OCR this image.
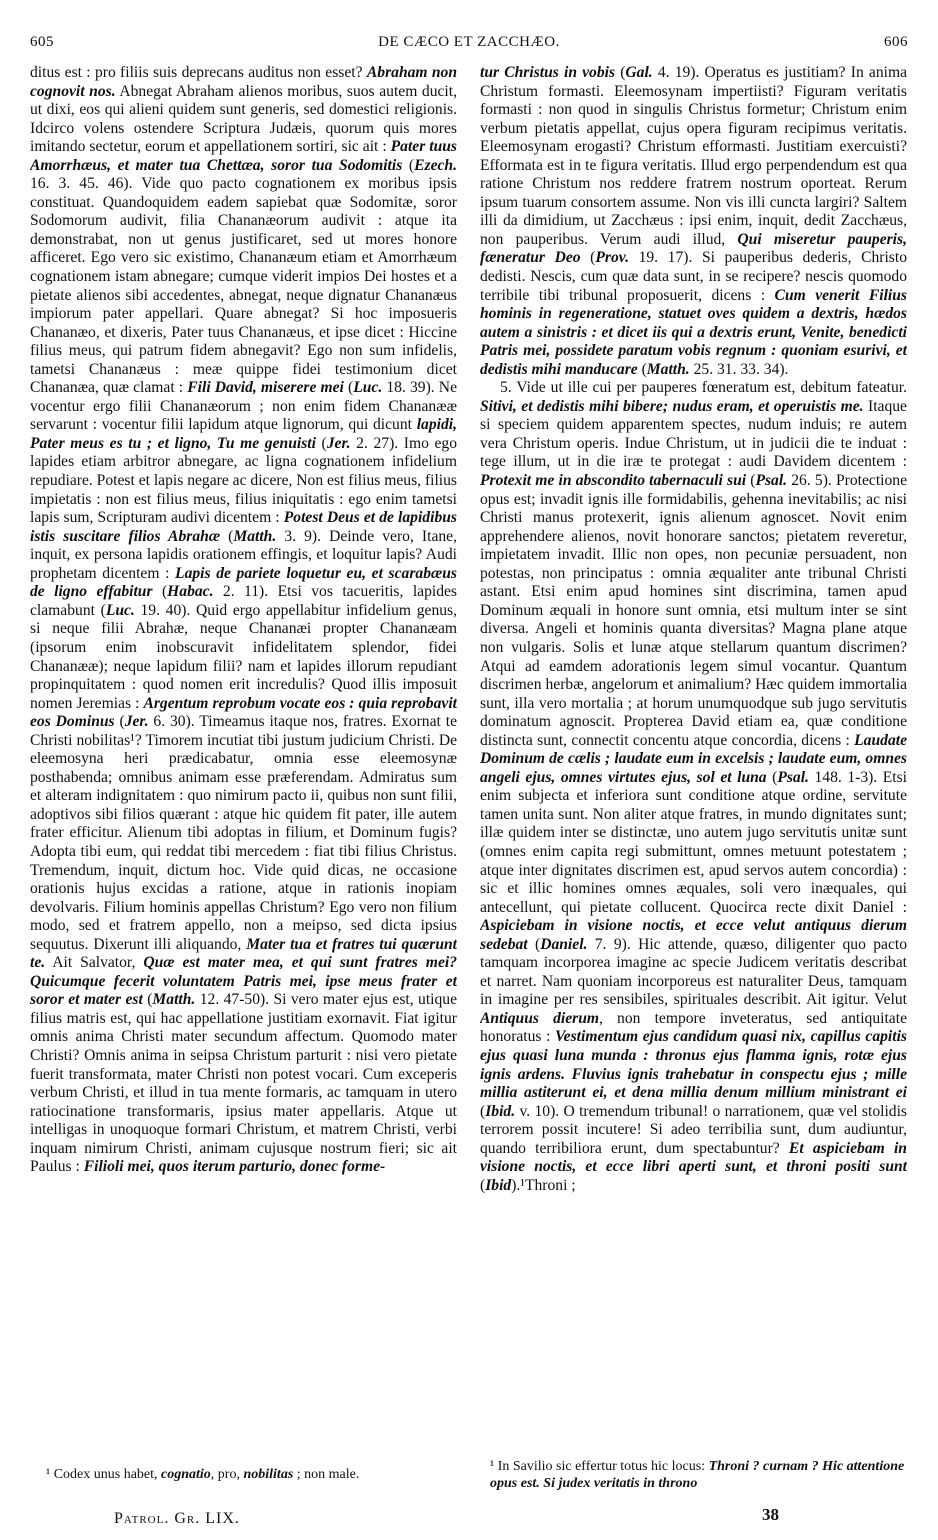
605	DE CÆCO ET ZACCHÆO.	606

ditus est : pro filiis suis deprecans auditus non esset? Abraham non cognovit nos. Abnegat Abraham alienos moribus, suos autem ducit, ut dixi, eos qui alieni quidem sunt generis, sed domestici religionis. Idcirco volens ostendere Scriptura Judæis, quorum quis mores imitando sectetur, eorum et appellationem sortiri, sic ait : Pater tuus Amorrhæus, et mater tua Chettæa, soror tua Sodomitis (Ezech. 16. 3. 45. 46). Vide quo pacto cognationem ex moribus ipsis constituat. Quandoquidem eadem sapiebat quæ Sodomitæ, soror Sodomorum audivit, filia Chananæorum audivit : atque ita demonstrabat, non ut genus justificaret, sed ut mores honore afficeret. Ego vero sic existimo, Chananæum etiam et Amorrhæum cognationem istam abnegare; cumque viderit impios Dei hostes et a pietate alienos sibi accedentes, abnegat, neque dignatur Chananæus impiorum pater appellari. Quare abnegat? Si hoc imposueris Chananæo, et dixeris, Pater tuus Chananæus, et ipse dicet : Hiccine filius meus, qui patrum fidem abnegavit? Ego non sum infidelis, tametsi Chananæus : meæ quippe fidei testimonium dicet Chananæa, quæ clamat : Fili David, miserere mei (Luc. 18. 39). Ne vocentur ergo filii Chananæorum ; non enim fidem Chananææ servarunt : vocentur filii lapidum atque lignorum, qui dicunt lapidi, Pater meus es tu ; et ligno, Tu me genuisti (Jer. 2. 27). Imo ego lapides etiam arbitror abnegare, ac ligna cognationem infidelium repudiare. Potest et lapis negare ac dicere, Non est filius meus, filius impietatis : non est filius meus, filius iniquitatis : ego enim tametsi lapis sum, Scripturam audivi dicentem : Potest Deus et de lapidibus istis suscitare filios Abrahæ (Matth. 3. 9). Deinde vero, Itane, inquit, ex persona lapidis orationem effingis, et loquitur lapis? Audi prophetam dicentem : Lapis de pariete loquetur eu, et scarabæus de ligno effabitur (Habac. 2. 11). Etsi vos tacueritis, lapides clamabunt (Luc. 19. 40). Quid ergo appellabitur infidelium genus, si neque filii Abrahæ, neque Chananæi propter Chananæam (ipsorum enim inobscuravit infidelitatem splendor, fidei Chananææ); neque lapidum filii? nam et lapides illorum repudiant propinquitatem : quod nomen erit incredulis? Quod illis imposuit nomen Jeremias : Argentum reprobum vocate eos : quia reprobavit eos Dominus (Jer. 6. 30). Timeamus itaque nos, fratres. Exornat te Christi nobilitas¹? Timorem incutiat tibi justum judicium Christi. De eleemosyna heri prædicabatur, omnia esse eleemosynæ posthabenda; omnibus animam esse præferendam. Admiratus sum et alteram indignitatem : quo nimirum pacto ii, quibus non sunt filii, adoptivos sibi filios quærant : atque hic quidem fit pater, ille autem frater efficitur. Alienum tibi adoptas in filium, et Dominum fugis? Adopta tibi eum, qui reddat tibi mercedem : fiat tibi filius Christus. Tremendum, inquit, dictum hoc. Vide quid dicas, ne occasione orationis hujus excidas a ratione, atque in rationis inopiam devolvaris. Filium hominis appellas Christum? Ego vero non filium modo, sed et fratrem appello, non a meipso, sed dicta ipsius sequutus. Dixerunt illi aliquando, Mater tua et fratres tui quærunt te. Ait Salvator, Quæ est mater mea, et qui sunt fratres mei? Quicumque fecerit voluntatem Patris mei, ipse meus frater et soror et mater est (Matth. 12. 47-50). Si vero mater ejus est, utique filius matris est, qui hac appellatione justitiam exornavit. Fiat igitur omnis anima Christi mater secundum affectum. Quomodo mater Christi? Omnis anima in seipsa Christum parturit : nisi vero pietate fuerit transformata, mater Christi non potest vocari. Cum exceperis verbum Christi, et illud in tua mente formaris, ac tamquam in utero ratiocinatione transformaris, ipsius mater appellaris. Atque ut intelligas in unoquoque formari Christum, et matrem Christi, verbi inquam nimirum Christi, animam cujusque nostrum fieri; sic ait Paulus : Filioli mei, quos iterum parturio, donec forme-

tur Christus in vobis (Gal. 4. 19). Operatus es justitiam? In anima Christum formasti. Eleemosynam impertiisti? Figuram veritatis formasti : non quod in singulis Christus formetur; Christum enim verbum pietatis appellat, cujus opera figuram recipimus veritatis. Eleemosynam erogasti? Christum efformasti. Justitiam exercuisti? Efformata est in te figura veritatis. Illud ergo perpendendum est qua ratione Christum nos reddere fratrem nostrum oporteat. Rerum ipsum tuarum consortem assume. Non vis illi cuncta largiri? Saltem illi da dimidium, ut Zacchæus : ipsi enim, inquit, dedit Zacchæus, non pauperibus. Verum audi illud, Qui miseretur pauperis, fæneratur Deo (Prov. 19. 17). Si pauperibus dederis, Christo dedisti. Nescis, cum quæ data sunt, in se recipere? nescis quomodo terribile tibi tribunal proposuerit, dicens : Cum venerit Filius hominis in regeneratione, statuet oves quidem a dextris, hædos autem a sinistris : et dicet iis qui a dextris erunt, Venite, benedicti Patris mei, possidete paratum vobis regnum : quoniam esurivi, et dedistis mihi manducare (Matth. 25. 31. 33. 34).

5. Vide ut ille cui per pauperes fœneratum est, debitum fateatur. Sitivi, et dedistis mihi bibere; nudus eram, et operuistis me. Itaque si speciem quidem apparentem spectes, nudum induis; re autem vera Christum operis. Indue Christum, ut in judicii die te induat : tege illum, ut in die iræ te protegat : audi Davidem dicentem : Protexit me in abscondito tabernaculi sui (Psal. 26. 5). Protectione opus est; invadit ignis ille formidabilis, gehenna inevitabilis; ac nisi Christi manus protexerit, ignis alienum agnoscet. Novit enim apprehendere alienos, novit honorare sanctos; pietatem reveretur, impietatem invadit. Illic non opes, non pecuniæ persuadent, non potestas, non principatus : omnia æqualiter ante tribunal Christi astant. Etsi enim apud homines sint discrimina, tamen apud Dominum æquali in honore sunt omnia, etsi multum inter se sint diversa. Angeli et hominis quanta diversitas? Magna plane atque non vulgaris. Solis et lunæ atque stellarum quantum discrimen? Atqui ad eamdem adorationis legem simul vocantur. Quantum discrimen herbæ, angelorum et animalium? Hæc quidem immortalia sunt, illa vero mortalia ; at horum unumquodque sub jugo servitutis dominatum agnoscit. Propterea David etiam ea, quæ conditione distincta sunt, connectit concentu atque concordia, dicens : Laudate Dominum de cælis ; laudate eum in excelsis ; laudate eum, omnes angeli ejus, omnes virtutes ejus, sol et luna (Psal. 148. 1-3). Etsi enim subjecta et inferiora sunt conditione atque ordine, servitute tamen unita sunt. Non aliter atque fratres, in mundo dignitates sunt; illæ quidem inter se distinctæ, uno autem jugo servitutis unitæ sunt (omnes enim capita regi submittunt, omnes metuunt potestatem ; atque inter dignitates discrimen est, apud servos autem concordia) : sic et illic homines omnes æquales, soli vero inæquales, qui antecellunt, qui pietate collucent. Quocirca recte dixit Daniel : Aspiciebam in visione noctis, et ecce velut antiquus dierum sedebat (Daniel. 7. 9). Hic attende, quæso, diligenter quo pacto tamquam incorporea imagine ac specie Judicem veritatis describat et narret. Nam quoniam incorporeus est naturaliter Deus, tamquam in imagine per res sensibiles, spirituales describit. Ait igitur. Velut Antiquus dierum, non tempore inveteratus, sed antiquitate honoratus : Vestimentum ejus candidum quasi nix, capillus capitis ejus quasi luna munda : thronus ejus flamma ignis, rotæ ejus ignis ardens. Fluvius ignis trahebatur in conspectu ejus ; mille millia astiterunt ei, et dena millia denum millium ministrant ei (Ibid. v. 10). O tremendum tribunal! o narrationem, quæ vel stolidis terrorem possit incutere! Si adeo terribilia sunt, dum audiuntur, quando terribiliora erunt, dum spectabuntur? Et aspiciebam in visione noctis, et ecce libri aperti sunt, et throni positi sunt (Ibid).¹Throni ;

¹ Codex unus habet, cognatio, pro, nobilitas ; non male.
¹ In Savilio sic effertur totus hic locus: Throni ? curnam ? Hic attentione opus est. Si judex veritatis in throno
Patrol. Gr. LIX.	38
